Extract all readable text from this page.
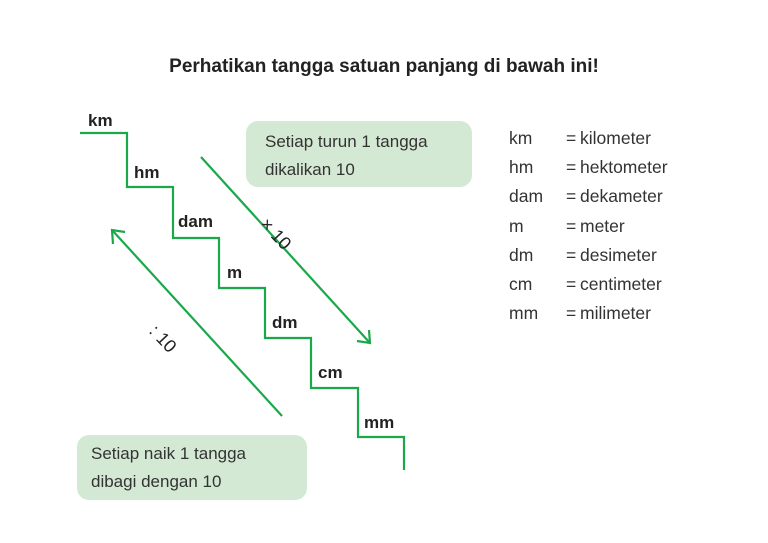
Perhatikan tangga satuan panjang di bawah ini!
km
hm
dam
m
dm
cm
mm
Setiap turun 1 tangga
dikalikan 10
Setiap naik 1 tangga
dibagi dengan 10
× 10
: 10
km	= kilometer
hm	= hektometer
dam	= dekameter
m	= meter
dm	= desimeter
cm	= centimeter
mm	= milimeter
